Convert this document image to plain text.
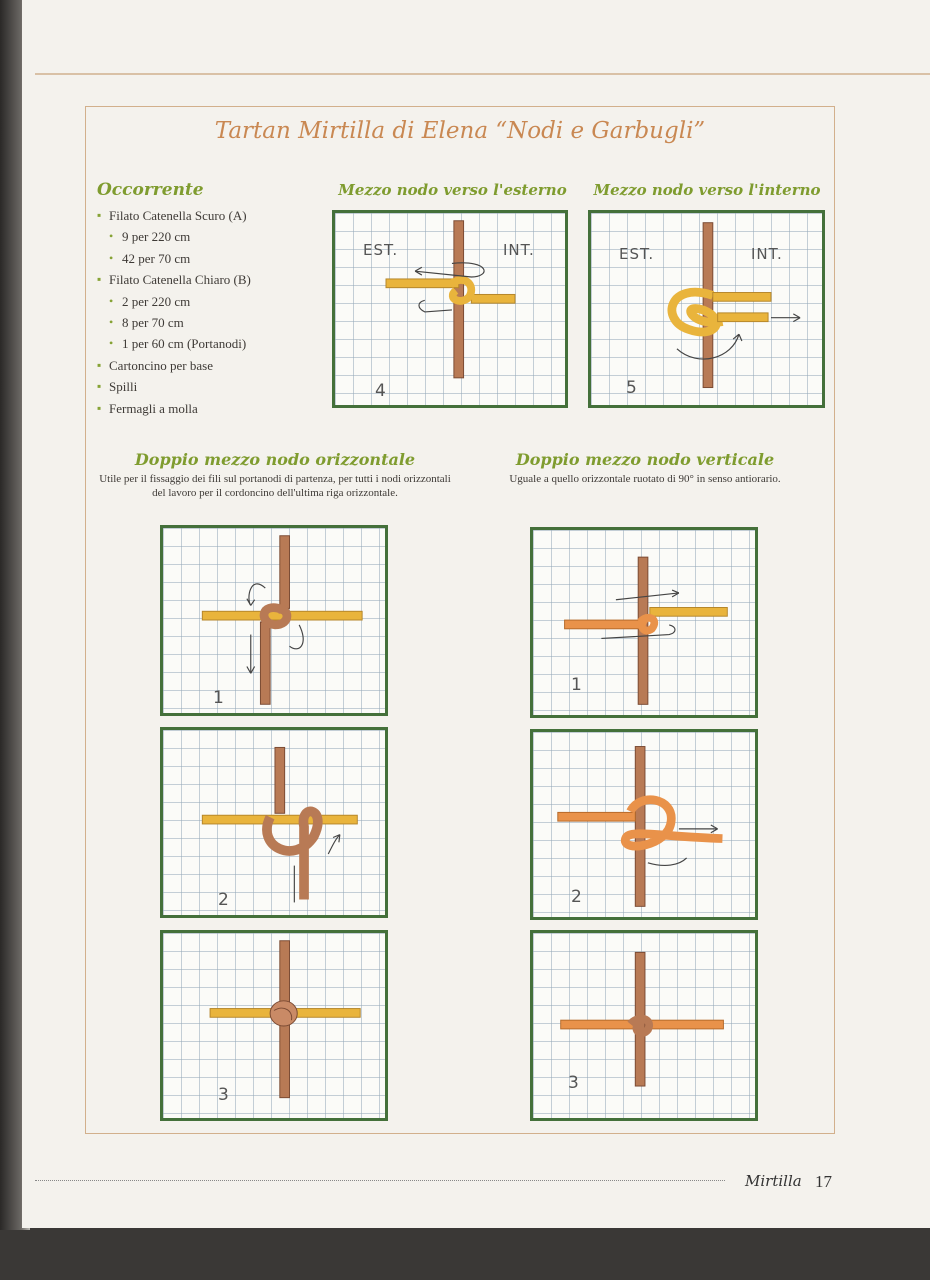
Tartan Mirtilla di Elena “Nodi e Garbugli”
Occorrente
▪ Filato Catenella Scuro (A)
• 9 per 220 cm
• 42 per 70 cm
▪ Filato Catenella Chiaro (B)
• 2 per 220 cm
• 8 per 70 cm
• 1 per 60 cm (Portanodi)
▪ Cartoncino per base
▪ Spilli
▪ Fermagli a molla
Mezzo nodo verso l'esterno
EST.	INT.
4
Mezzo nodo verso l'interno
EST.	INT.
5
Doppio mezzo nodo orizzontale
Utile per il fissaggio dei fili sul portanodi di partenza, per tutti i nodi orizzontali del lavoro per il cordoncino dell'ultima riga orizzontale.
1
2
3
Doppio mezzo nodo verticale
Uguale a quello orizzontale ruotato di 90° in senso antiorario.
1
2
3
Mirtilla 17
